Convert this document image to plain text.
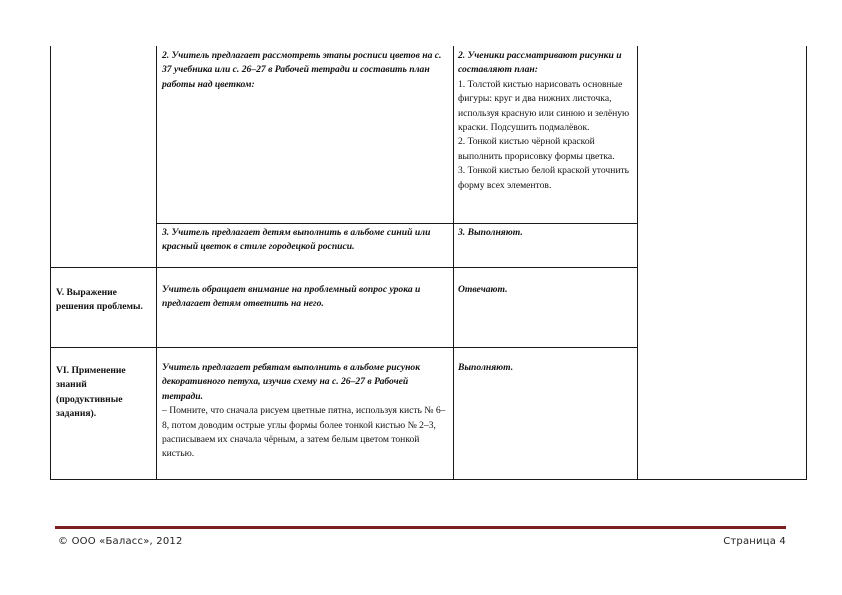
2. Учитель предлагает рассмотреть этапы росписи цветов на с. 37 учебника или с. 26–27 в Рабочей тетради и составить план работы над цветком:
2. Ученики рассматривают рисунки и составляют план:
1. Толстой кистью нарисовать основные фигуры: круг и два нижних листочка, используя красную или синюю и зелёную краски. Подсушить подмалёвок.
2. Тонкой кистью чёрной краской выполнить прорисовку формы цветка.
3. Тонкой кистью белой краской уточнить форму всех элементов.
3. Учитель предлагает детям выполнить в альбоме синий или красный цветок в стиле городецкой росписи.
3. Выполняют.
V. Выражение решения проблемы.
Учитель обращает внимание на проблемный вопрос урока и предлагает детям ответить на него.
Отвечают.
VI. Применение знаний (продуктивные задания).
Учитель предлагает ребятам выполнить в альбоме рисунок декоративного петуха, изучив схему на с. 26–27 в Рабочей тетради.
– Помните, что сначала рисуем цветные пятна, используя кисть № 6–8, потом доводим острые углы формы более тонкой кистью № 2–3, расписываем их сначала чёрным, а затем белым цветом тонкой кистью.
Выполняют.
© ООО «Баласс», 2012	Страница 4
